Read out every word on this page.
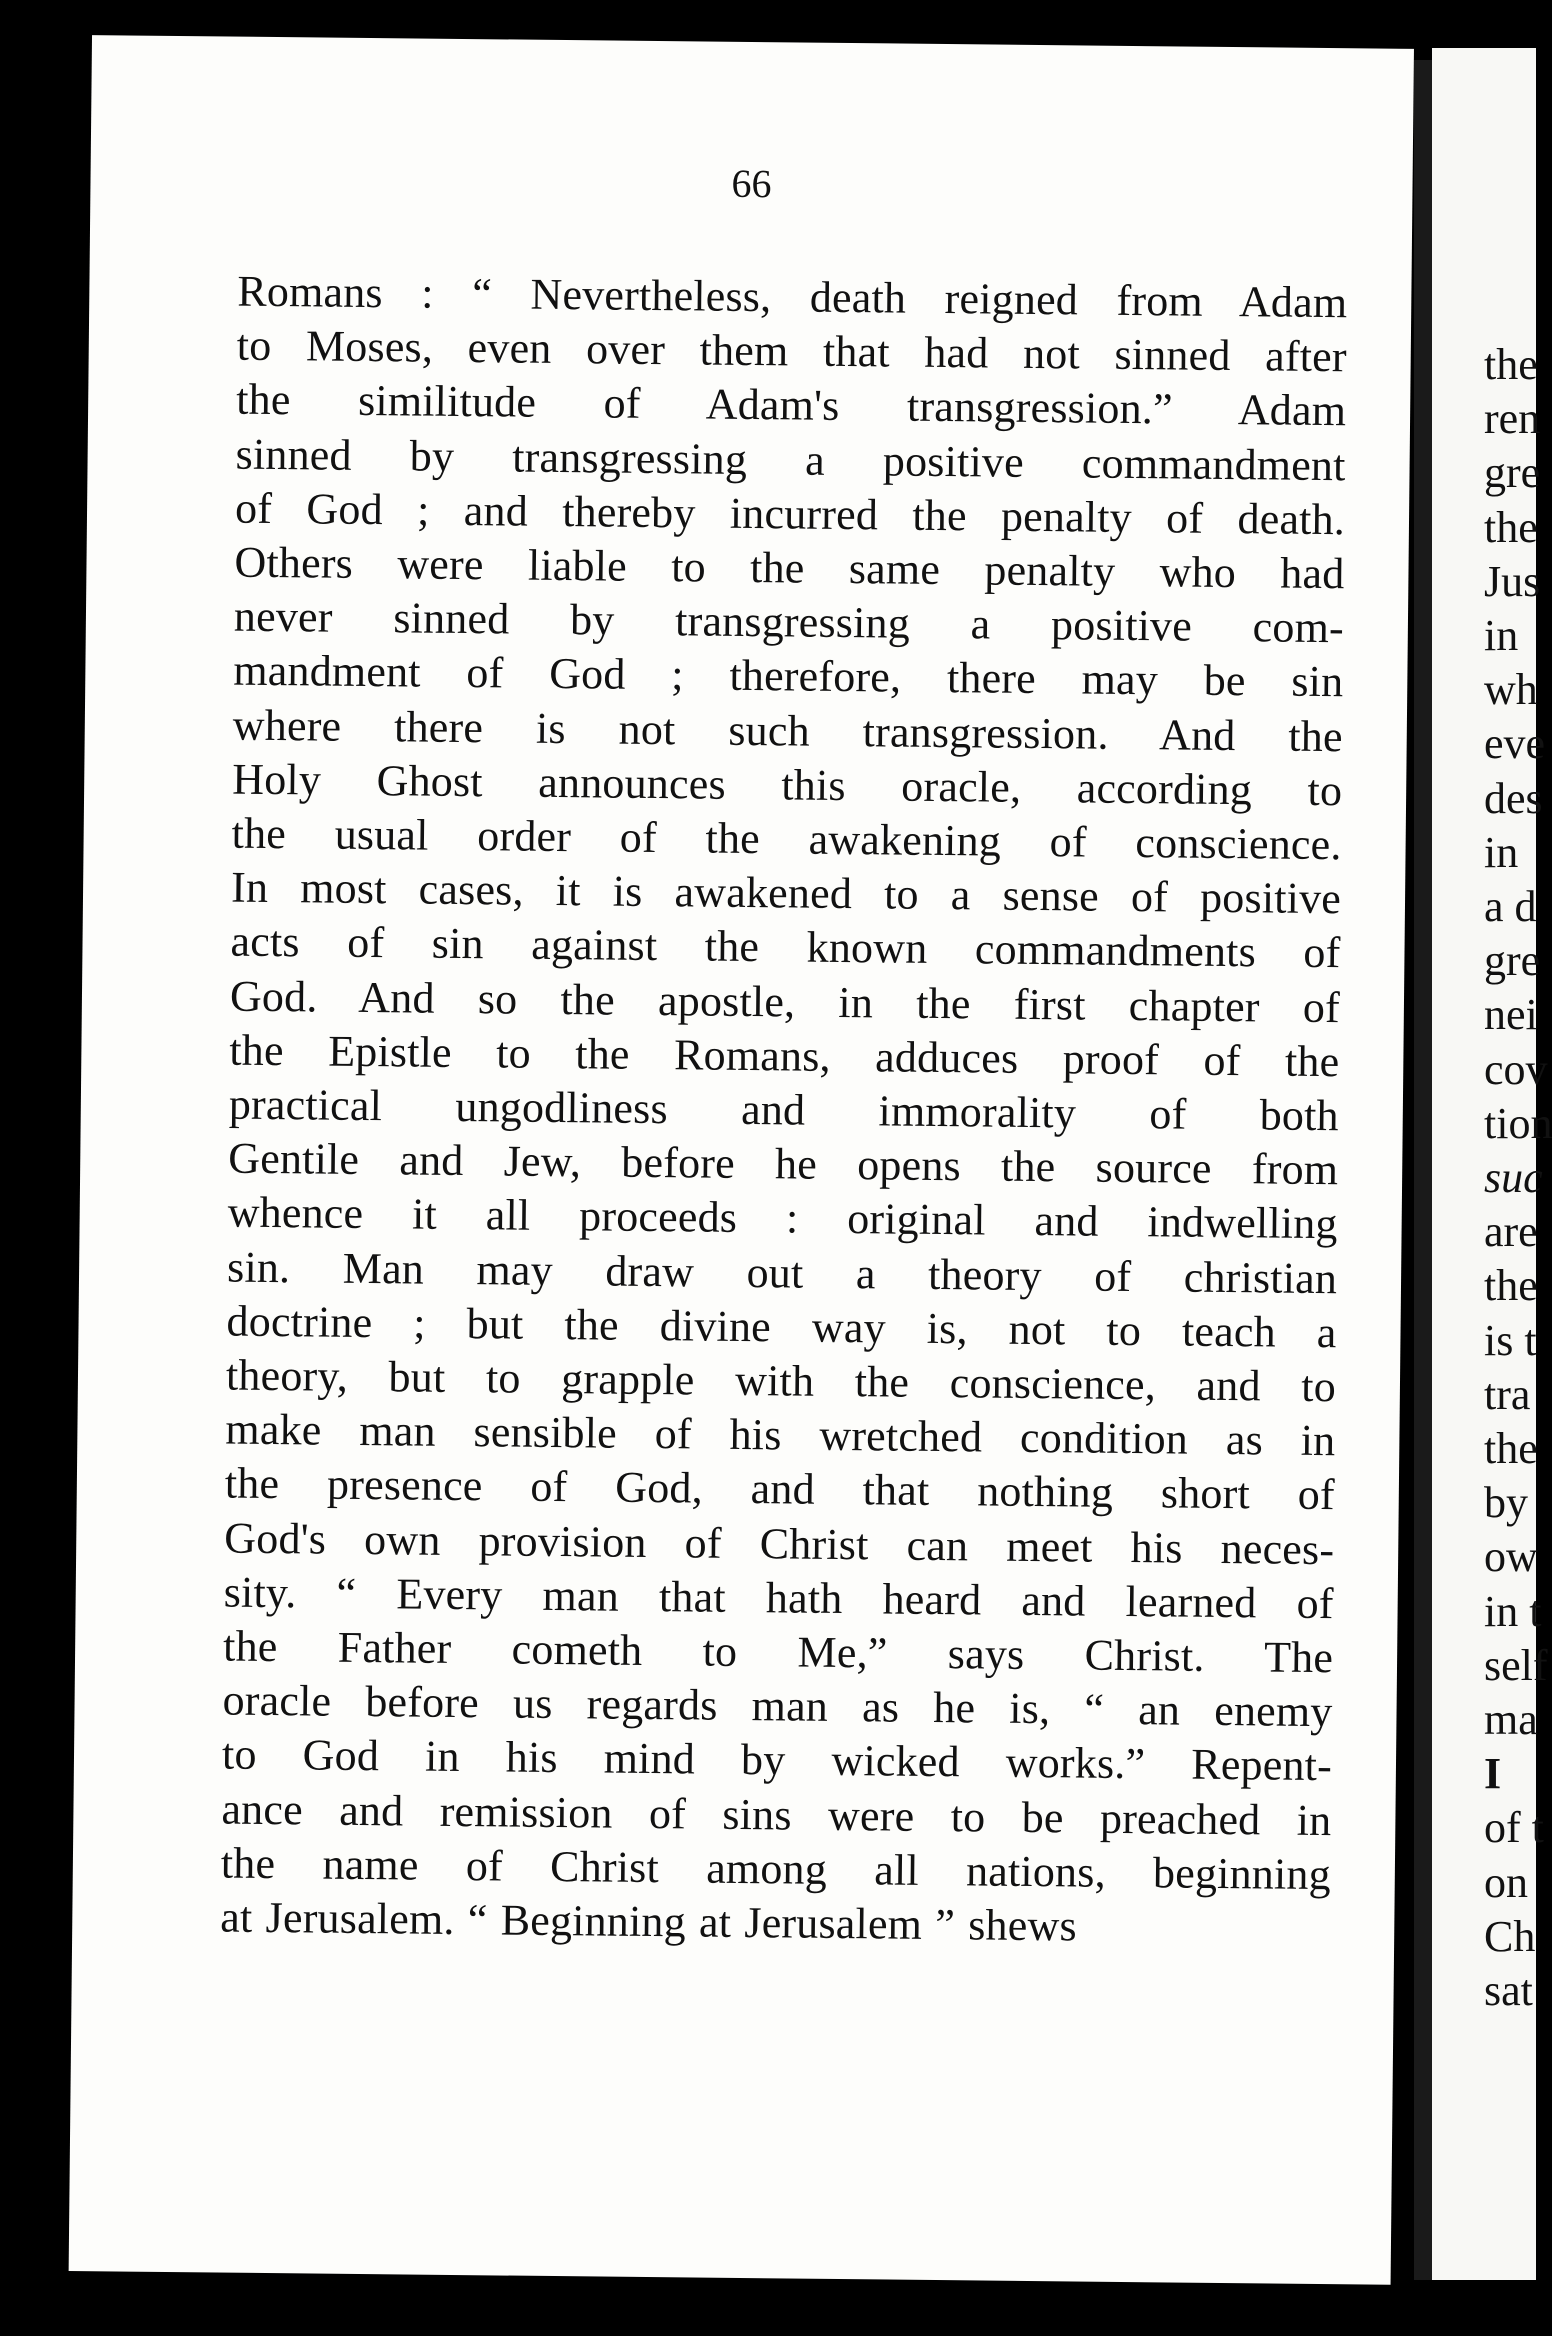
66
Romans : “ Nevertheless, death reigned from Adam
to Moses, even over them that had not sinned after
the similitude of Adam's transgression.” Adam
sinned by transgressing a positive commandment
of God ; and thereby incurred the penalty of death.
Others were liable to the same penalty who had
never sinned by transgressing a positive com-
mandment of God ; therefore, there may be sin
where there is not such transgression. And the
Holy Ghost announces this oracle, according to
the usual order of the awakening of conscience.
In most cases, it is awakened to a sense of positive
acts of sin against the known commandments of
God. And so the apostle, in the first chapter of
the Epistle to the Romans, adduces proof of the
practical ungodliness and immorality of both
Gentile and Jew, before he opens the source from
whence it all proceeds : original and indwelling
sin. Man may draw out a theory of christian
doctrine ; but the divine way is, not to teach a
theory, but to grapple with the conscience, and to
make man sensible of his wretched condition as in
the presence of God, and that nothing short of
God's own provision of Christ can meet his neces-
sity. “ Every man that hath heard and learned of
the Father cometh to Me,” says Christ. The
oracle before us regards man as he is, “ an enemy
to God in his mind by wicked works.” Repent-
ance and remission of sins were to be preached in
the name of Christ among all nations, beginning
at Jerusalem. “ Beginning at Jerusalem ” shews
the
ren
gre
the
Jus
in
wh
eve
des
in
a d
gre
nei
cov
tion
suc
are
the
is t
tra
the
by
ow
in t
self
ma
I
of t
on
Ch
sat
